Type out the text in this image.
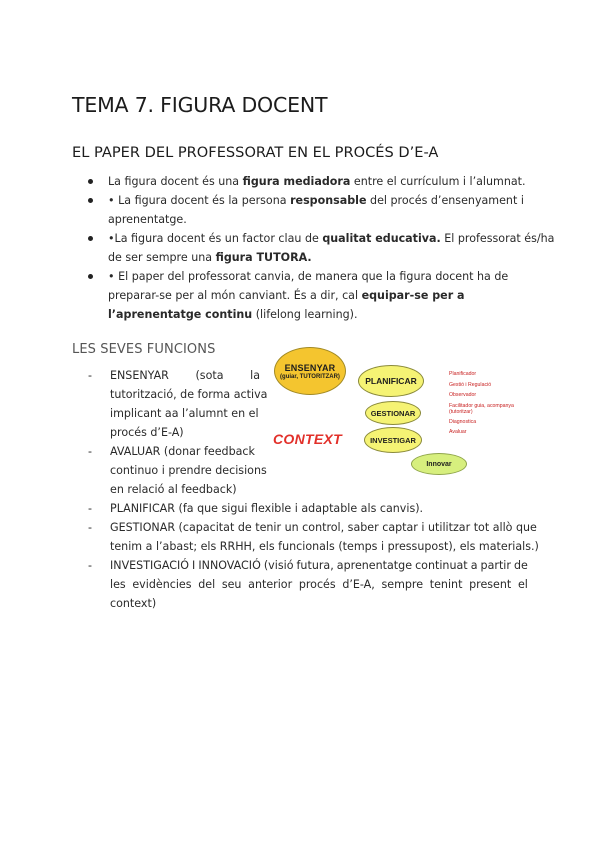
TEMA 7. FIGURA DOCENT
EL PAPER DEL PROFESSORAT EN EL PROCÉS D’E-A
La figura docent és una figura mediadora entre el currículum i l’alumnat.
• La figura docent és la persona responsable del procés d’ensenyament i
aprenentatge.
•La figura docent és un factor clau de qualitat educativa. El professorat és/ha
de ser sempre una figura TUTORA.
• El paper del professorat canvia, de manera que la figura docent ha de
preparar-se per al món canviant. És a dir, cal equipar-se per a
l’aprenentatge continu (lifelong learning).
LES SEVES FUNCIONS
- ENSENYAR (sota la
tutorització, de forma activa
implicant aa l’alumnt en el
procés d’E-A)
- AVALUAR (donar feedback
continuo i prendre decisions
en relació al feedback)
- PLANIFICAR (fa que sigui flexible i adaptable als canvis).
- GESTIONAR (capacitat de tenir un control, saber captar i utilitzar tot allò que
tenim a l’abast; els RRHH, els funcionals (temps i pressupost), els materials.)
- INVESTIGACIÓ I INNOVACIÓ (visió futura, aprenentatge continuat a partir de
les evidències del seu anterior procés d’E-A, sempre tenint present el
context)
ENSENYAR
(guiar, TUTORITZAR)	PLANIFICAR
GESTIONAR
INVESTIGAR
Innovar
CONTEXT
Planificador
Gestió i Regulació
Observador
Facilitador guia, acompanya
(tutoritzar)
Diagnostica
Avaluar
